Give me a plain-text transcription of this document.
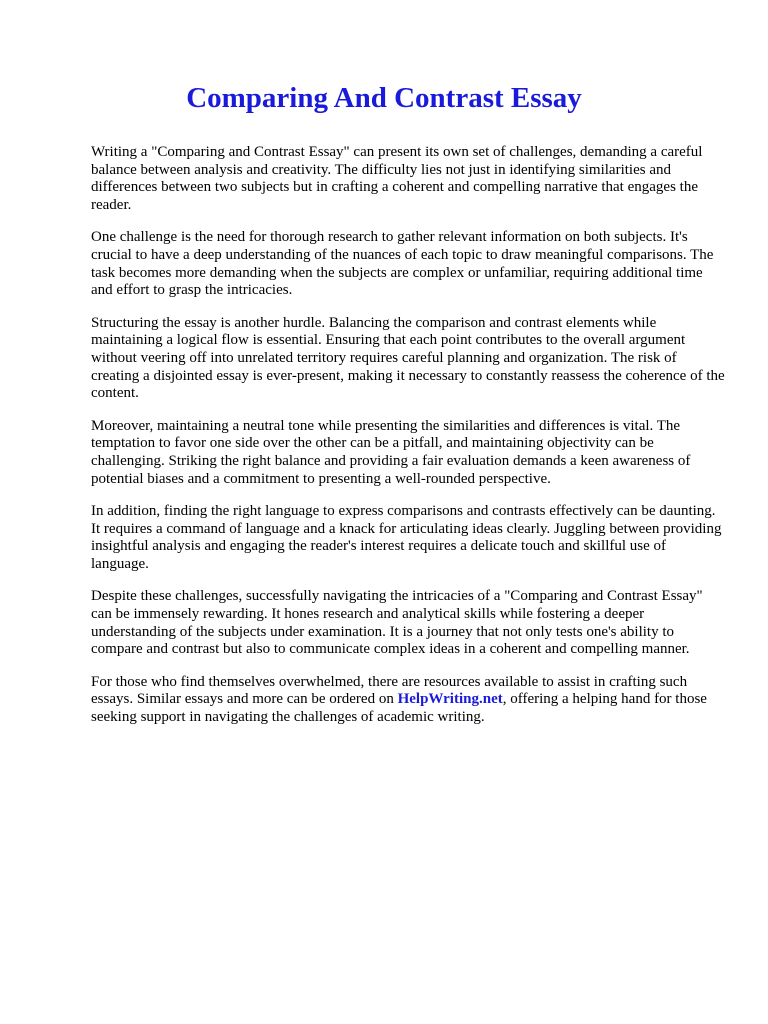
Comparing And Contrast Essay

Writing a "Comparing and Contrast Essay" can present its own set of challenges, demanding a careful balance between analysis and creativity. The difficulty lies not just in identifying similarities and differences between two subjects but in crafting a coherent and compelling narrative that engages the reader.

One challenge is the need for thorough research to gather relevant information on both subjects. It's crucial to have a deep understanding of the nuances of each topic to draw meaningful comparisons. The task becomes more demanding when the subjects are complex or unfamiliar, requiring additional time and effort to grasp the intricacies.

Structuring the essay is another hurdle. Balancing the comparison and contrast elements while maintaining a logical flow is essential. Ensuring that each point contributes to the overall argument without veering off into unrelated territory requires careful planning and organization. The risk of creating a disjointed essay is ever-present, making it necessary to constantly reassess the coherence of the content.

Moreover, maintaining a neutral tone while presenting the similarities and differences is vital. The temptation to favor one side over the other can be a pitfall, and maintaining objectivity can be challenging. Striking the right balance and providing a fair evaluation demands a keen awareness of potential biases and a commitment to presenting a well-rounded perspective.

In addition, finding the right language to express comparisons and contrasts effectively can be daunting. It requires a command of language and a knack for articulating ideas clearly. Juggling between providing insightful analysis and engaging the reader's interest requires a delicate touch and skillful use of language.

Despite these challenges, successfully navigating the intricacies of a "Comparing and Contrast Essay" can be immensely rewarding. It hones research and analytical skills while fostering a deeper understanding of the subjects under examination. It is a journey that not only tests one's ability to compare and contrast but also to communicate complex ideas in a coherent and compelling manner.

For those who find themselves overwhelmed, there are resources available to assist in crafting such essays. Similar essays and more can be ordered on HelpWriting.net, offering a helping hand for those seeking support in navigating the challenges of academic writing.
